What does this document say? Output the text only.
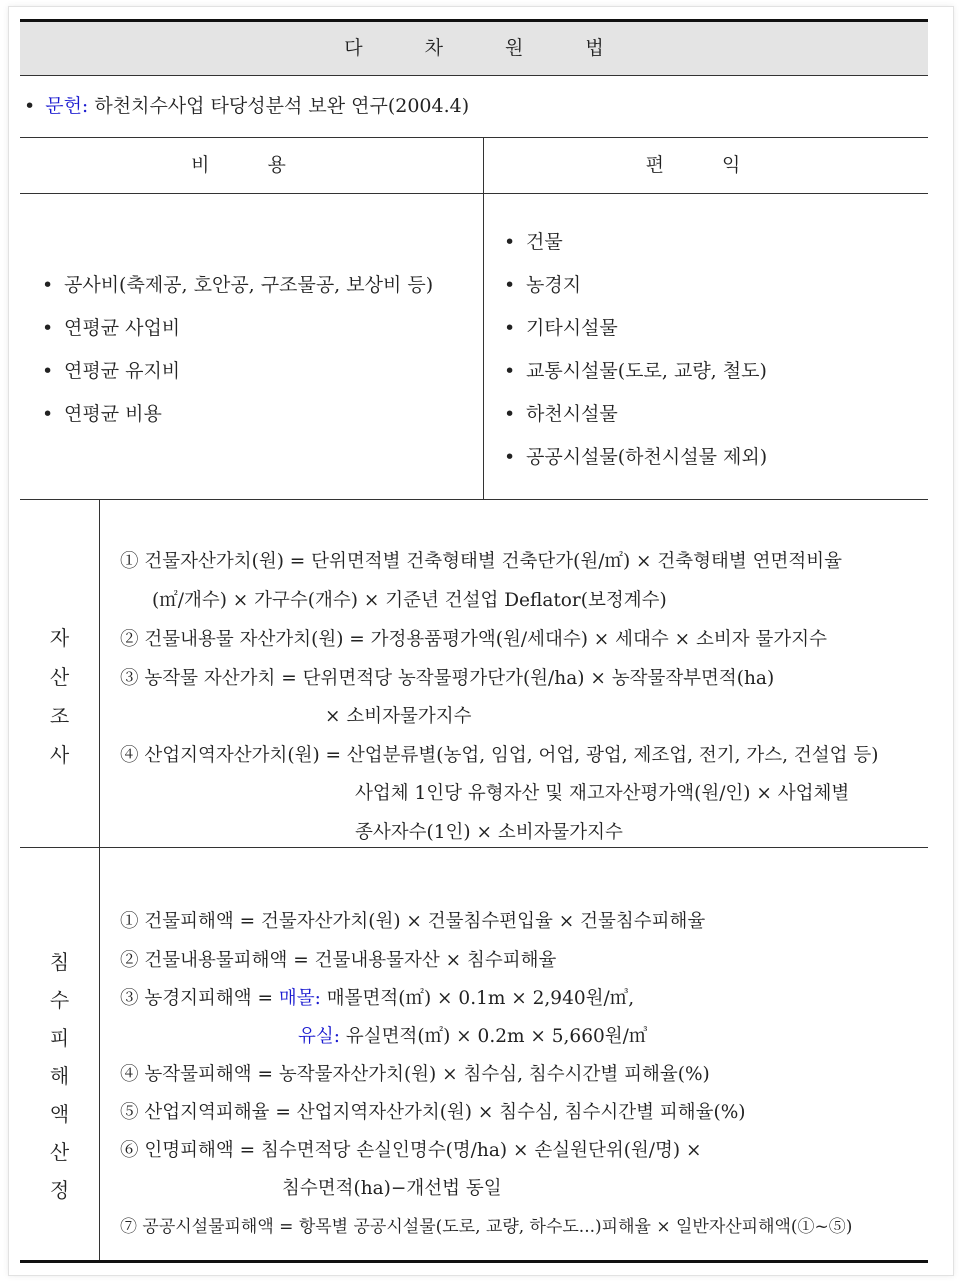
다 차 원 법
• 문헌: 하천치수사업 타당성분석 보완 연구(2004.4)
비 용	편 익
• 공사비(축제공, 호안공, 구조물공, 보상비 등)
• 연평균 사업비
• 연평균 유지비
• 연평균 비용
• 건물
• 농경지
• 기타시설물
• 교통시설물(도로, 교량, 철도)
• 하천시설물
• 공공시설물(하천시설물 제외)
자
산
조
사
① 건물자산가치(원) = 단위면적별 건축형태별 건축단가(원/㎡) × 건축형태별 연면적비율
(㎡/개수) × 가구수(개수) × 기준년 건설업 Deflator(보정계수)
② 건물내용물 자산가치(원) = 가정용품평가액(원/세대수) × 세대수 × 소비자 물가지수
③ 농작물 자산가치 = 단위면적당 농작물평가단가(원/ha) × 농작물작부면적(ha)
× 소비자물가지수
④ 산업지역자산가치(원) = 산업분류별(농업, 임업, 어업, 광업, 제조업, 전기, 가스, 건설업 등)
사업체 1인당 유형자산 및 재고자산평가액(원/인) × 사업체별
종사자수(1인) × 소비자물가지수
침
수
피
해
액
산
정
① 건물피해액 = 건물자산가치(원) × 건물침수편입율 × 건물침수피해율
② 건물내용물피해액 = 건물내용물자산 × 침수피해율
③ 농경지피해액 = 매몰: 매몰면적(㎡) × 0.1m × 2,940원/㎥,
유실: 유실면적(㎡) × 0.2m × 5,660원/㎥
④ 농작물피해액 = 농작물자산가치(원) × 침수심, 침수시간별 피해율(%)
⑤ 산업지역피해율 = 산업지역자산가치(원) × 침수심, 침수시간별 피해율(%)
⑥ 인명피해액 = 침수면적당 손실인명수(명/ha) × 손실원단위(원/명) ×
침수면적(ha)−개선법 동일
⑦ 공공시설물피해액 = 항목별 공공시설물(도로, 교량, 하수도...)피해율 × 일반자산피해액(①~⑤)
